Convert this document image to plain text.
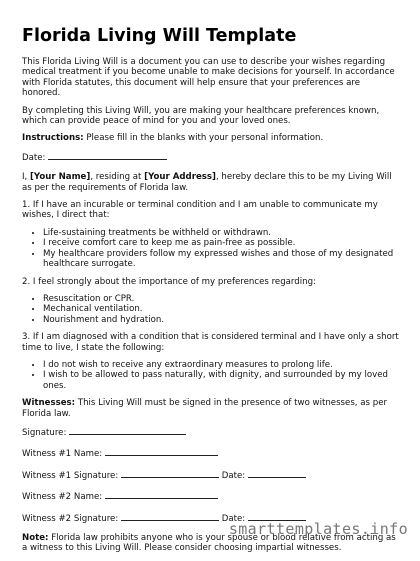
Florida Living Will Template

This Florida Living Will is a document you can use to describe your wishes regarding medical treatment if you become unable to make decisions for yourself. In accordance with Florida statutes, this document will help ensure that your preferences are honored.

By completing this Living Will, you are making your healthcare preferences known, which can provide peace of mind for you and your loved ones.

Instructions: Please fill in the blanks with your personal information.

Date:

I, [Your Name], residing at [Your Address], hereby declare this to be my Living Will as per the requirements of Florida law.

1. If I have an incurable or terminal condition and I am unable to communicate my wishes, I direct that:

• Life-sustaining treatments be withheld or withdrawn.
• I receive comfort care to keep me as pain-free as possible.
• My healthcare providers follow my expressed wishes and those of my designated healthcare surrogate.

2. I feel strongly about the importance of my preferences regarding:

• Resuscitation or CPR.
• Mechanical ventilation.
• Nourishment and hydration.

3. If I am diagnosed with a condition that is considered terminal and I have only a short time to live, I state the following:

• I do not wish to receive any extraordinary measures to prolong life.
• I wish to be allowed to pass naturally, with dignity, and surrounded by my loved ones.

Witnesses: This Living Will must be signed in the presence of two witnesses, as per Florida law.

Signature:

Witness #1 Name:

Witness #1 Signature:	Date:

Witness #2 Name:

Witness #2 Signature:	Date:

Note: Florida law prohibits anyone who is your spouse or blood relative from acting as a witness to this Living Will. Please consider choosing impartial witnesses.

smarttemplates.info
